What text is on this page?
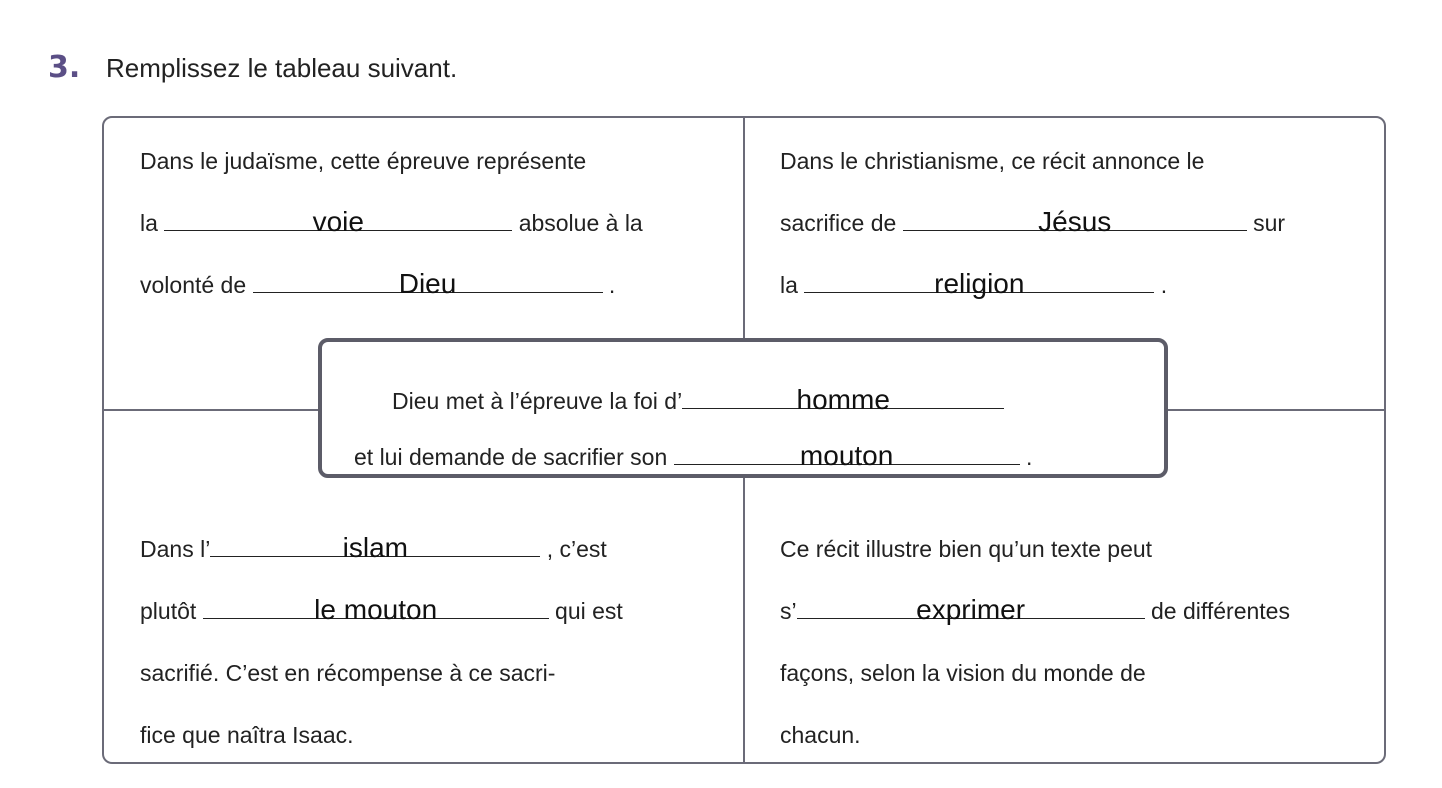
3. Remplissez le tableau suivant.
Dans le judaïsme, cette épreuve représente
la	voie	absolue à la
volonté de	Dieu	.
Dans le christianisme, ce récit annonce le
sacrifice de	Jésus	sur
la	religion	.
Dans l’	islam	, c’est
plutôt	le mouton	qui est
sacrifié. C’est en récompense à ce sacri-
fice que naîtra Isaac.
Ce récit illustre bien qu’un texte peut
s’	exprimer	de différentes
façons, selon la vision du monde de
chacun.
Dieu met à l’épreuve la foi d’	homme
et lui demande de sacrifier son	mouton	.
